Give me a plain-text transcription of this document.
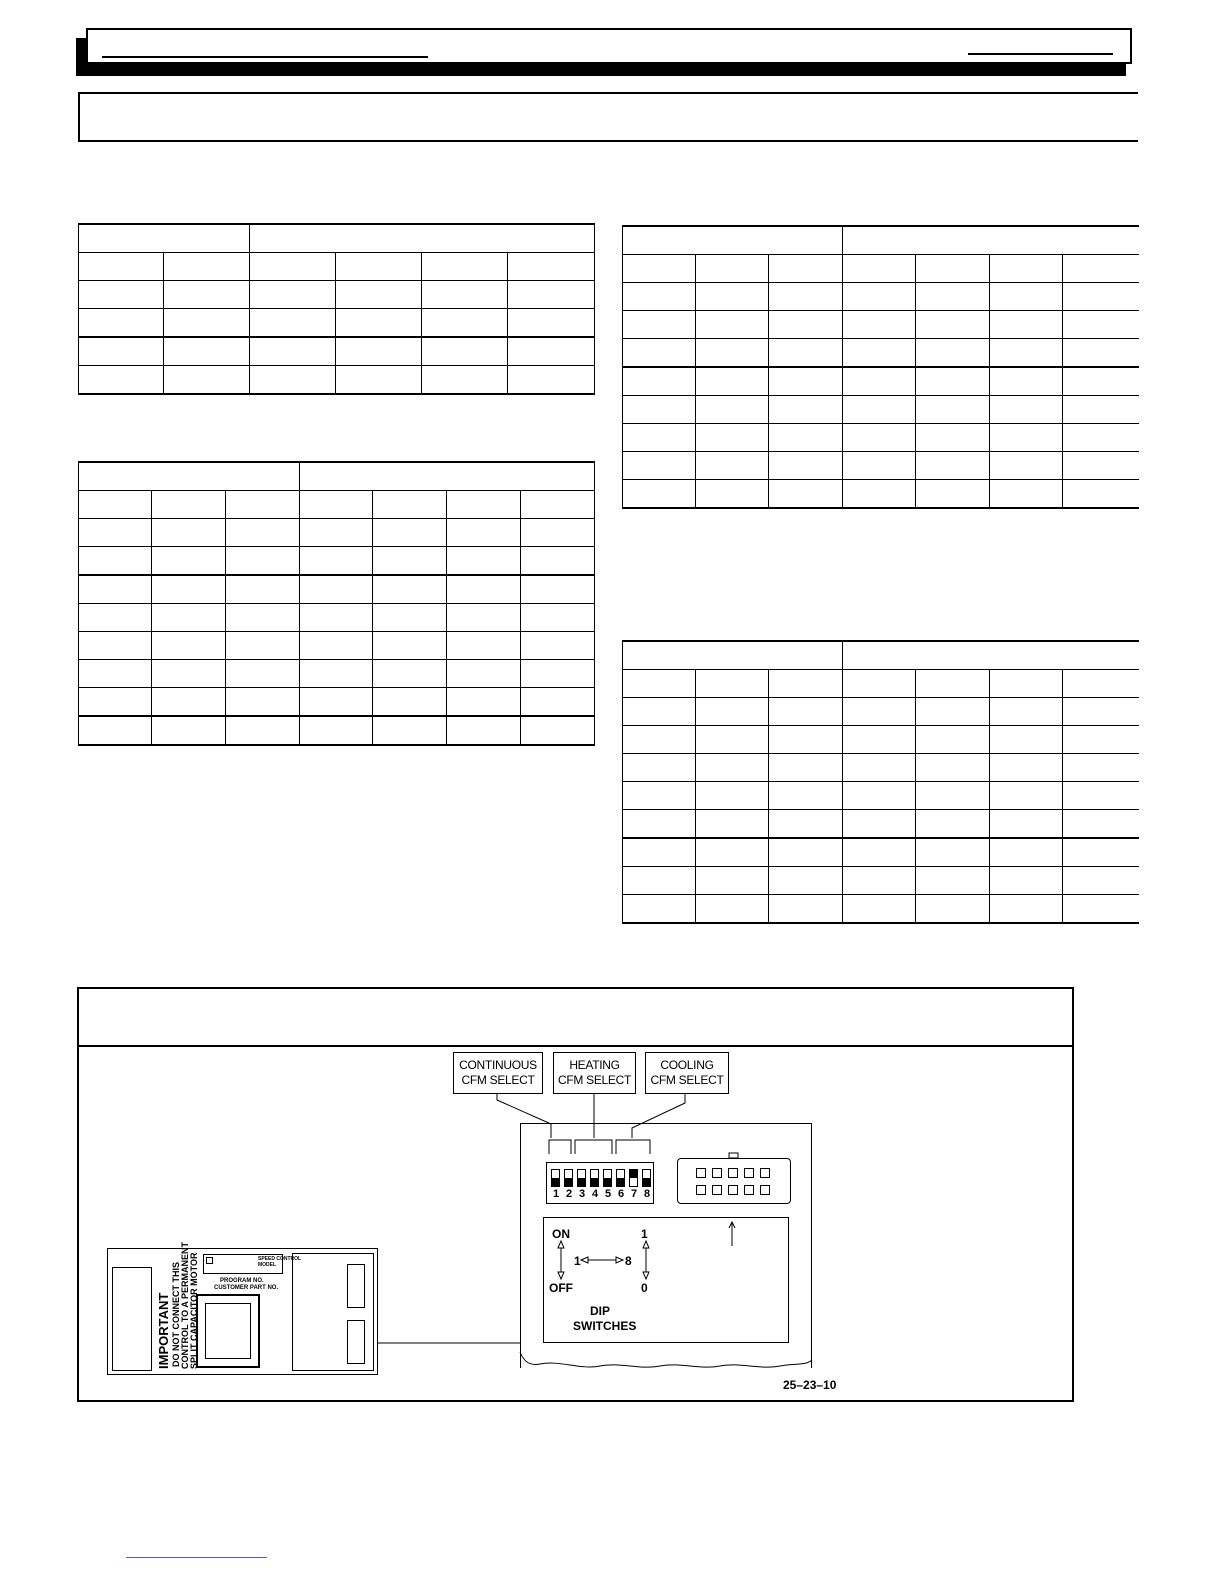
CONTINUOUS
CFM SELECT
HEATING
CFM SELECT
COOLING
CFM SELECT
1 2 3 4 5 6 7 8
ON	1
1	8
OFF	0
DIP
SWITCHES
IMPORTANT DO NOT CONNECT THIS CONTROL TO A PERMANENT SPLIT CAPACITOR MOTOR	PROGRAM NO.
CUSTOMER PART NO.
SPEED CONTROL
MODEL
25–23–10
